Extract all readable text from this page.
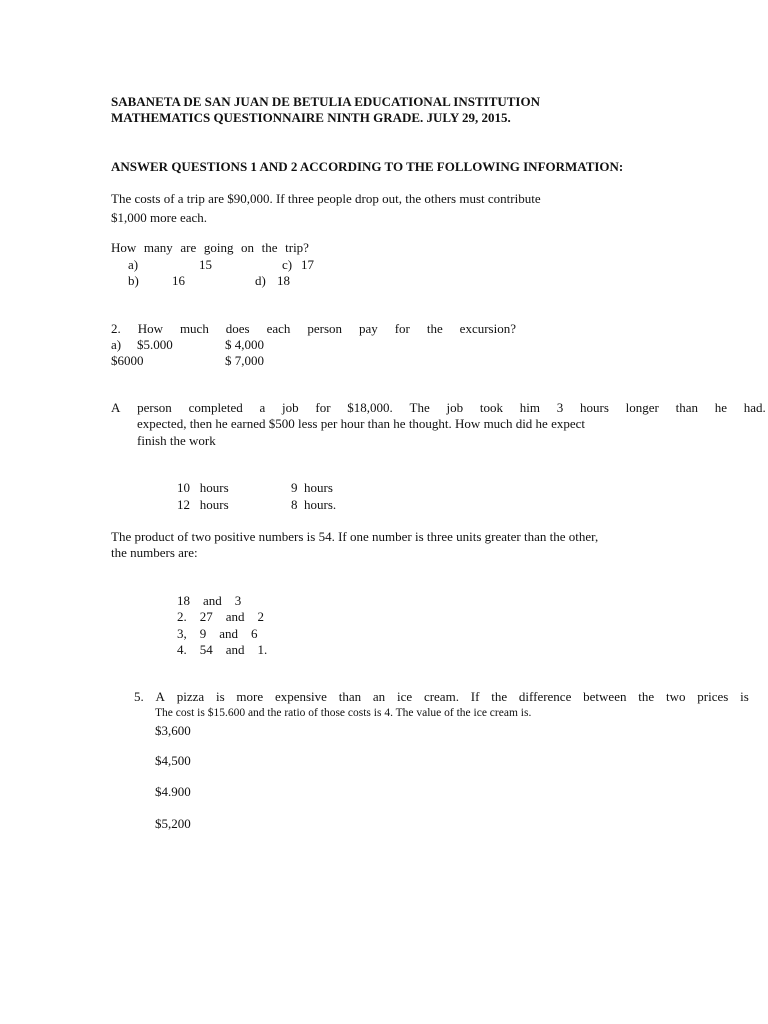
SABANETA DE SAN JUAN DE BETULIA EDUCATIONAL INSTITUTION
MATHEMATICS QUESTIONNAIRE NINTH GRADE. JULY 29, 2015.
ANSWER QUESTIONS 1 AND 2 ACCORDING TO THE FOLLOWING INFORMATION:
The costs of a trip are $90,000. If three people drop out, the others must contribute
$1,000 more each.
How many are going on the trip?
a)	15	c) 17
b)	16	d) 18
2. How much does each person pay for the excursion?
a) $5.000	$ 4,000
$6000	$ 7,000
A person completed a job for $18,000. The job took him 3 hours longer than he had.
expected, then he earned $500 less per hour than he thought. How much did he expect
finish the work
10   hours	9  hours
12   hours	8  hours.
The product of two positive numbers is 54. If one number is three units greater than the other,
the numbers are:
18    and    3
2.    27    and    2
3,    9    and    6
4.    54    and    1.
5. A pizza is more expensive than an ice cream. If the difference between the two prices is
The cost is $15.600 and the ratio of those costs is 4. The value of the ice cream is.
$3,600
$4,500
$4.900
$5,200
